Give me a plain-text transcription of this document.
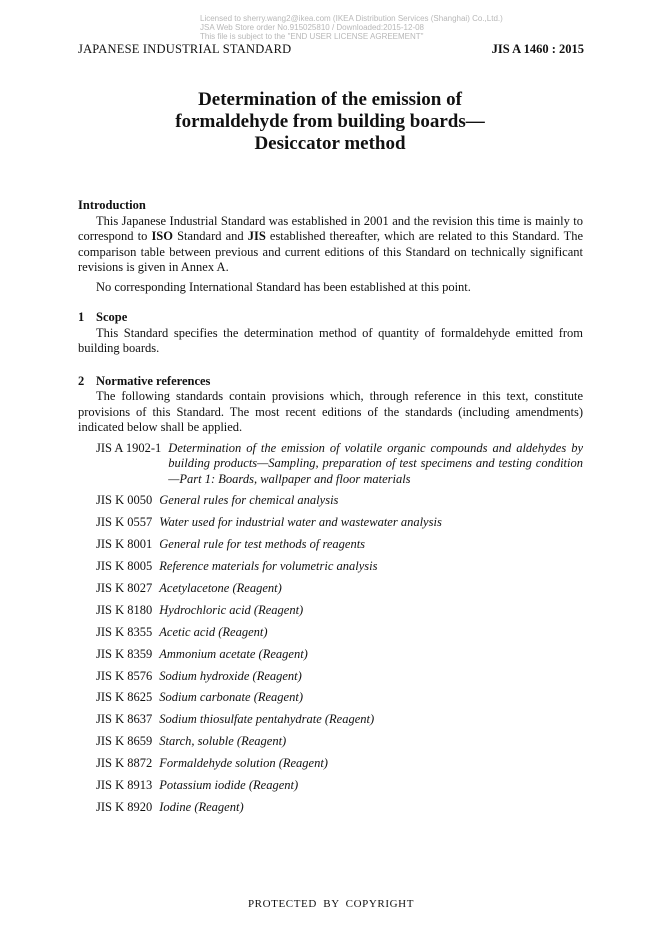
Licensed to sherry.wang2@ikea.com (IKEA Distribution Services (Shanghai) Co.,Ltd.)
JSA Web Store order No.915025810 / Downloaded:2015-12-08
This file is subject to the "END USER LICENSE AGREEMENT"
JAPANESE INDUSTRIAL STANDARD	JIS A 1460 : 2015
Determination of the emission of
formaldehyde from building boards—
Desiccator method
Introduction

This Japanese Industrial Standard was established in 2001 and the revision this time is mainly to correspond to ISO Standard and JIS established thereafter, which are related to this Standard. The comparison table between previous and current editions of this Standard on technically significant revisions is given in Annex A.

No corresponding International Standard has been established at this point.

1 Scope

This Standard specifies the determination method of quantity of formaldehyde emitted from building boards.

2 Normative references

The following standards contain provisions which, through reference in this text, constitute provisions of this Standard. The most recent editions of the standards (including amendments) indicated below shall be applied.

JIS A 1902-1 Determination of the emission of volatile organic compounds and aldehydes by building products—Sampling, preparation of test specimens and testing condition—Part 1: Boards, wallpaper and floor materials
JIS K 0050 General rules for chemical analysis
JIS K 0557 Water used for industrial water and wastewater analysis
JIS K 8001 General rule for test methods of reagents
JIS K 8005 Reference materials for volumetric analysis
JIS K 8027 Acetylacetone (Reagent)
JIS K 8180 Hydrochloric acid (Reagent)
JIS K 8355 Acetic acid (Reagent)
JIS K 8359 Ammonium acetate (Reagent)
JIS K 8576 Sodium hydroxide (Reagent)
JIS K 8625 Sodium carbonate (Reagent)
JIS K 8637 Sodium thiosulfate pentahydrate (Reagent)
JIS K 8659 Starch, soluble (Reagent)
JIS K 8872 Formaldehyde solution (Reagent)
JIS K 8913 Potassium iodide (Reagent)
JIS K 8920 Iodine (Reagent)
PROTECTED BY COPYRIGHT
